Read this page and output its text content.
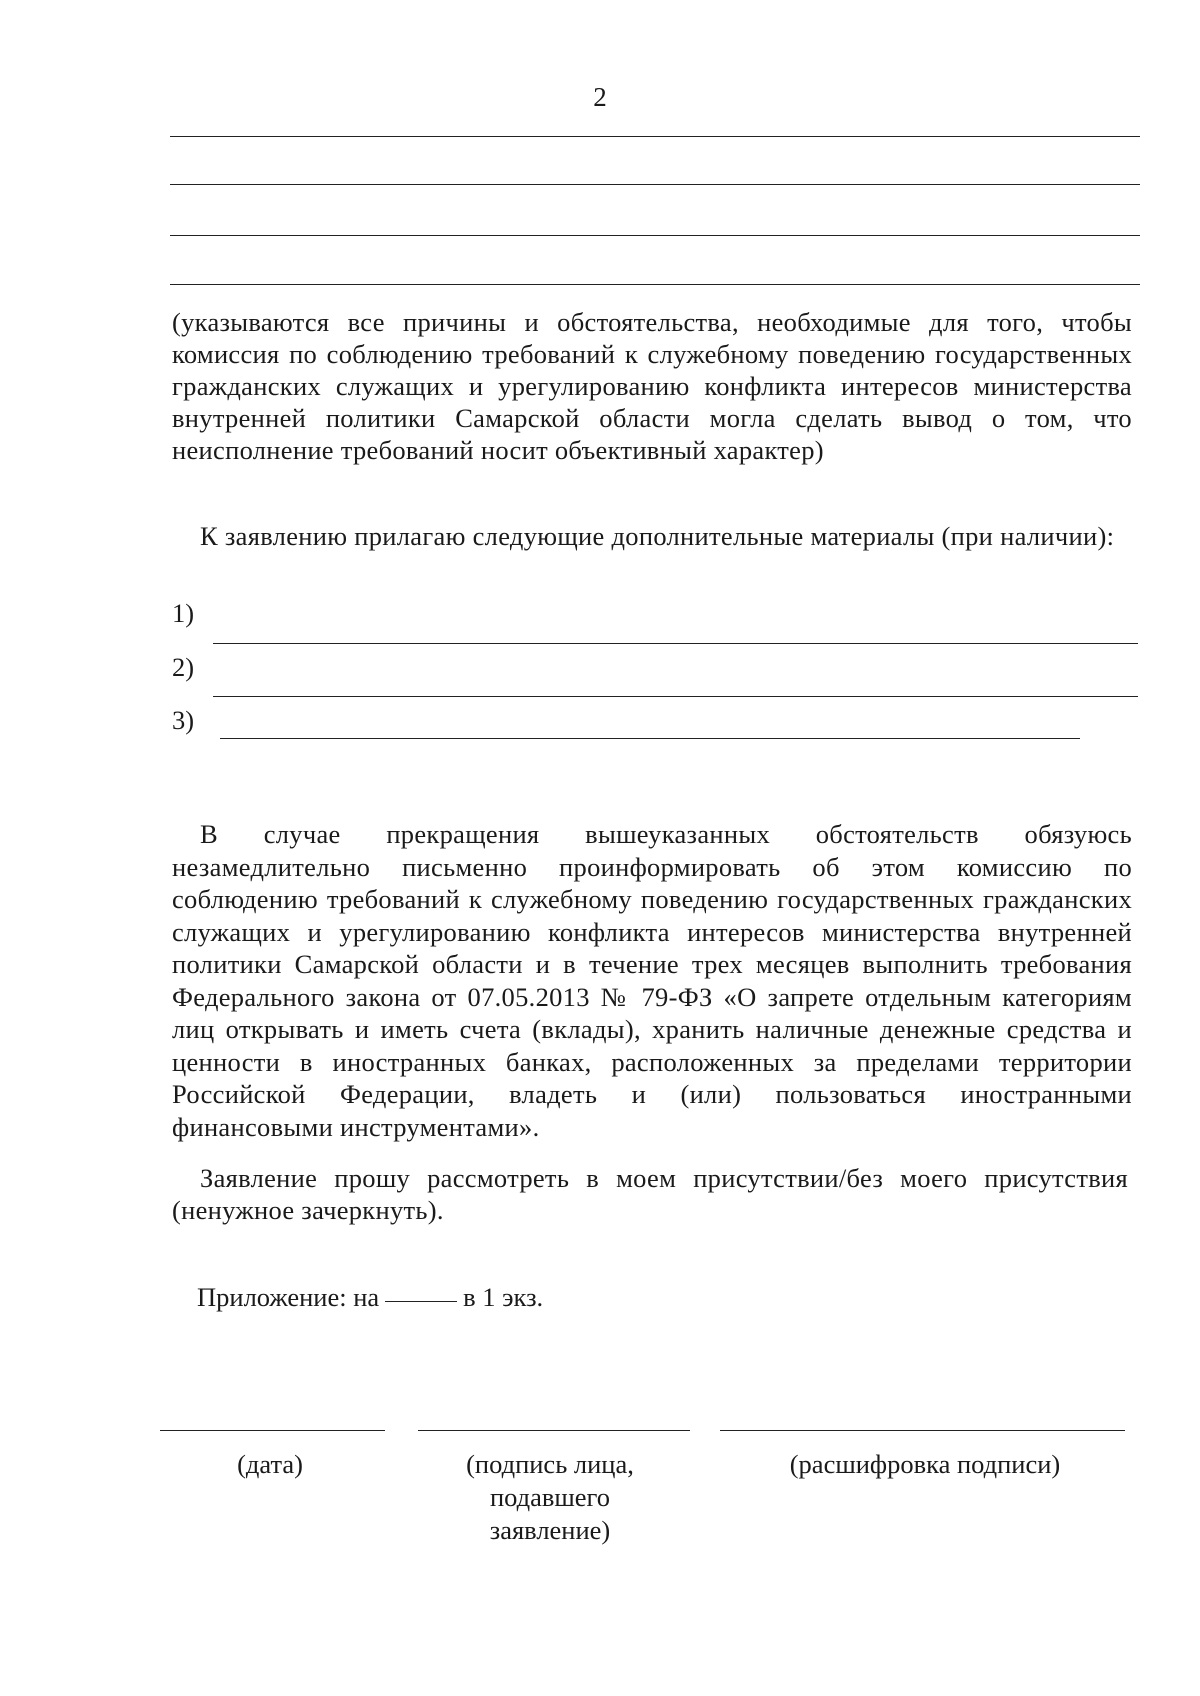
2
(указываются все причины и обстоятельства, необходимые для того, чтобы комиссия по соблюдению требований к служебному поведению государственных гражданских служащих и урегулированию конфликта интересов министерства внутренней политики Самарской области могла сделать вывод о том, что неисполнение требований носит объективный характер)
К заявлению прилагаю следующие дополнительные материалы (при наличии):
1)
2)
3)
В случае прекращения вышеуказанных обстоятельств обязуюсь незамедлительно письменно проинформировать об этом комиссию по соблюдению требований к служебному поведению государственных гражданских служащих и урегулированию конфликта интересов министерства внутренней политики Самарской области и в течение трех месяцев выполнить требования Федерального закона от 07.05.2013 № 79-ФЗ «О запрете отдельным категориям лиц открывать и иметь счета (вклады), хранить наличные денежные средства и ценности в иностранных банках, расположенных за пределами территории Российской Федерации, владеть и (или) пользоваться иностранными финансовыми инструментами».
Заявление прошу рассмотреть в моем присутствии/без моего присутствия (ненужное зачеркнуть).
Приложение: на	в 1 экз.
(дата)	(подпись лица, подавшего заявление)
(расшифровка подписи)
